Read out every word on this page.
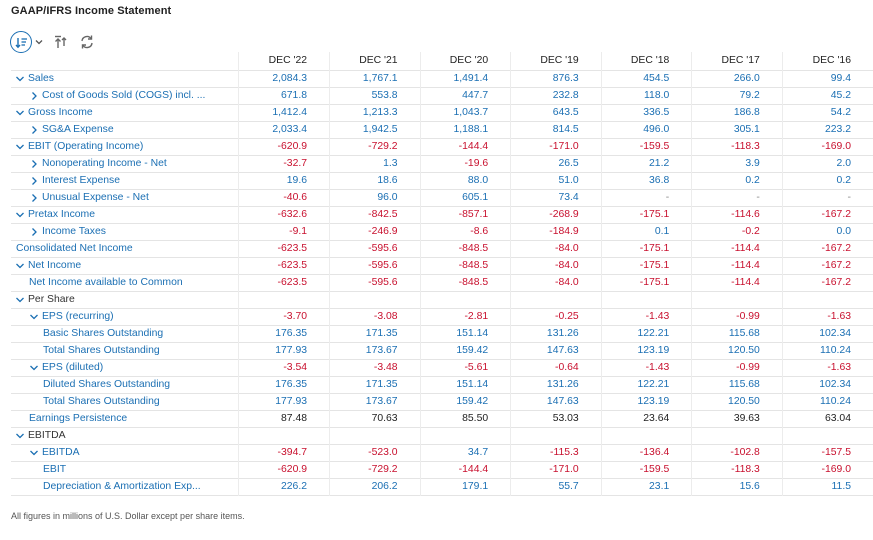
GAAP/IFRS Income Statement
	DEC '22	DEC '21	DEC '20	DEC '19	DEC '18	DEC '17	DEC '16

Sales	2,084.3	1,767.1	1,491.4	876.3	454.5	266.0	99.4

Cost of Goods Sold (COGS) incl. ...	671.8	553.8	447.7	232.8	118.0	79.2	45.2

Gross Income	1,412.4	1,213.3	1,043.7	643.5	336.5	186.8	54.2

SG&A Expense	2,033.4	1,942.5	1,188.1	814.5	496.0	305.1	223.2

EBIT (Operating Income)	-620.9	-729.2	-144.4	-171.0	-159.5	-118.3	-169.0

Nonoperating Income - Net	-32.7	1.3	-19.6	26.5	21.2	3.9	2.0

Interest Expense	19.6	18.6	88.0	51.0	36.8	0.2	0.2

Unusual Expense - Net	-40.6	96.0	605.1	73.4	-	-	-

Pretax Income	-632.6	-842.5	-857.1	-268.9	-175.1	-114.6	-167.2

Income Taxes	-9.1	-246.9	-8.6	-184.9	0.1	-0.2	0.0

Consolidated Net Income	-623.5	-595.6	-848.5	-84.0	-175.1	-114.4	-167.2

Net Income	-623.5	-595.6	-848.5	-84.0	-175.1	-114.4	-167.2

Net Income available to Common	-623.5	-595.6	-848.5	-84.0	-175.1	-114.4	-167.2

Per Share							

EPS (recurring)	-3.70	-3.08	-2.81	-0.25	-1.43	-0.99	-1.63

Basic Shares Outstanding	176.35	171.35	151.14	131.26	122.21	115.68	102.34

Total Shares Outstanding	177.93	173.67	159.42	147.63	123.19	120.50	110.24

EPS (diluted)	-3.54	-3.48	-5.61	-0.64	-1.43	-0.99	-1.63

Diluted Shares Outstanding	176.35	171.35	151.14	131.26	122.21	115.68	102.34

Total Shares Outstanding	177.93	173.67	159.42	147.63	123.19	120.50	110.24

Earnings Persistence	87.48	70.63	85.50	53.03	23.64	39.63	63.04

EBITDA							

EBITDA	-394.7	-523.0	34.7	-115.3	-136.4	-102.8	-157.5

EBIT	-620.9	-729.2	-144.4	-171.0	-159.5	-118.3	-169.0

Depreciation & Amortization Exp...	226.2	206.2	179.1	55.7	23.1	15.6	11.5
All figures in millions of U.S. Dollar except per share items.
